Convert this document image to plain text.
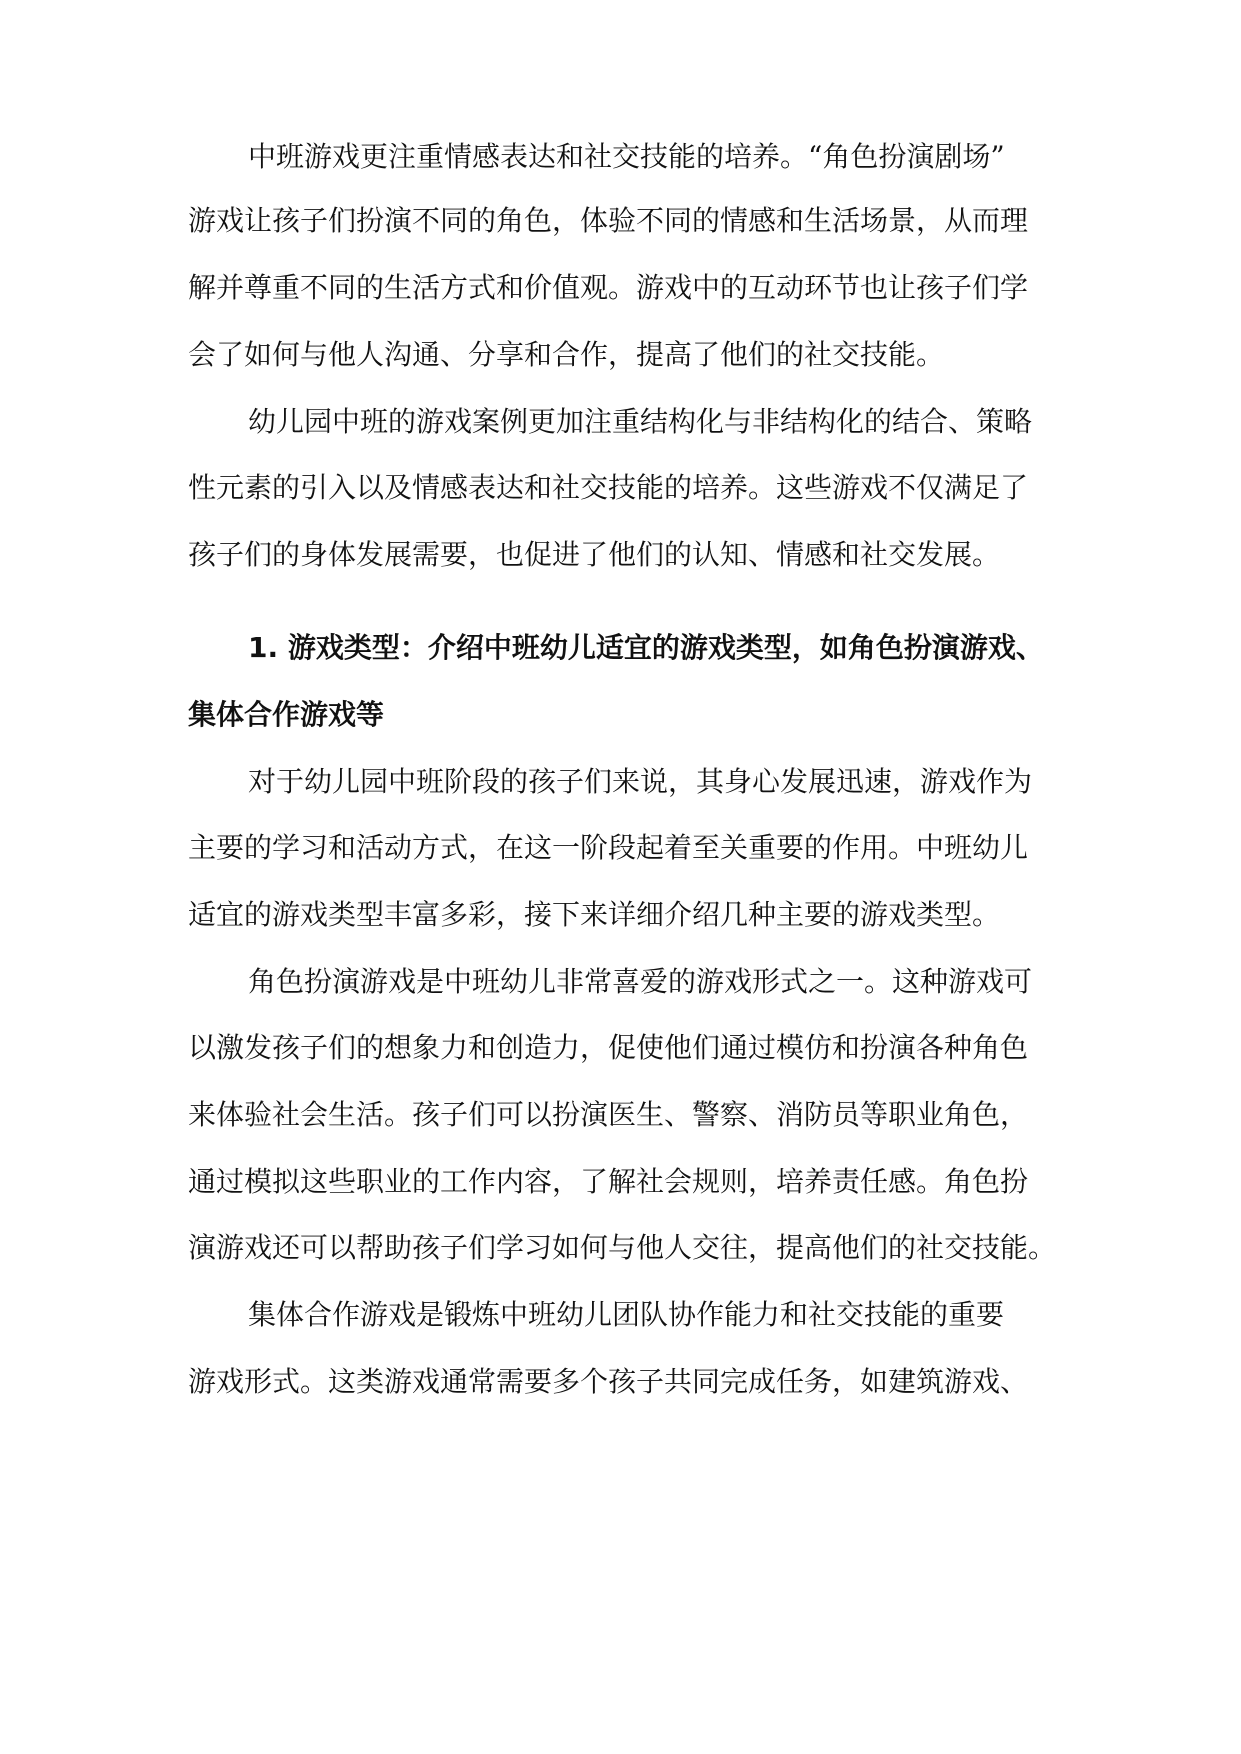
中班游戏更注重情感表达和社交技能的培养。“角色扮演剧场”
游戏让孩子们扮演不同的角色，体验不同的情感和生活场景，从而理
解并尊重不同的生活方式和价值观。游戏中的互动环节也让孩子们学
会了如何与他人沟通、分享和合作，提高了他们的社交技能。
幼儿园中班的游戏案例更加注重结构化与非结构化的结合、策略
性元素的引入以及情感表达和社交技能的培养。这些游戏不仅满足了
孩子们的身体发展需要，也促进了他们的认知、情感和社交发展。
1. 游戏类型：介绍中班幼儿适宜的游戏类型，如角色扮演游戏、
集体合作游戏等
对于幼儿园中班阶段的孩子们来说，其身心发展迅速，游戏作为
主要的学习和活动方式，在这一阶段起着至关重要的作用。中班幼儿
适宜的游戏类型丰富多彩，接下来详细介绍几种主要的游戏类型。
角色扮演游戏是中班幼儿非常喜爱的游戏形式之一。这种游戏可
以激发孩子们的想象力和创造力，促使他们通过模仿和扮演各种角色
来体验社会生活。孩子们可以扮演医生、警察、消防员等职业角色，
通过模拟这些职业的工作内容，了解社会规则，培养责任感。角色扮
演游戏还可以帮助孩子们学习如何与他人交往，提高他们的社交技能。
集体合作游戏是锻炼中班幼儿团队协作能力和社交技能的重要
游戏形式。这类游戏通常需要多个孩子共同完成任务，如建筑游戏、
